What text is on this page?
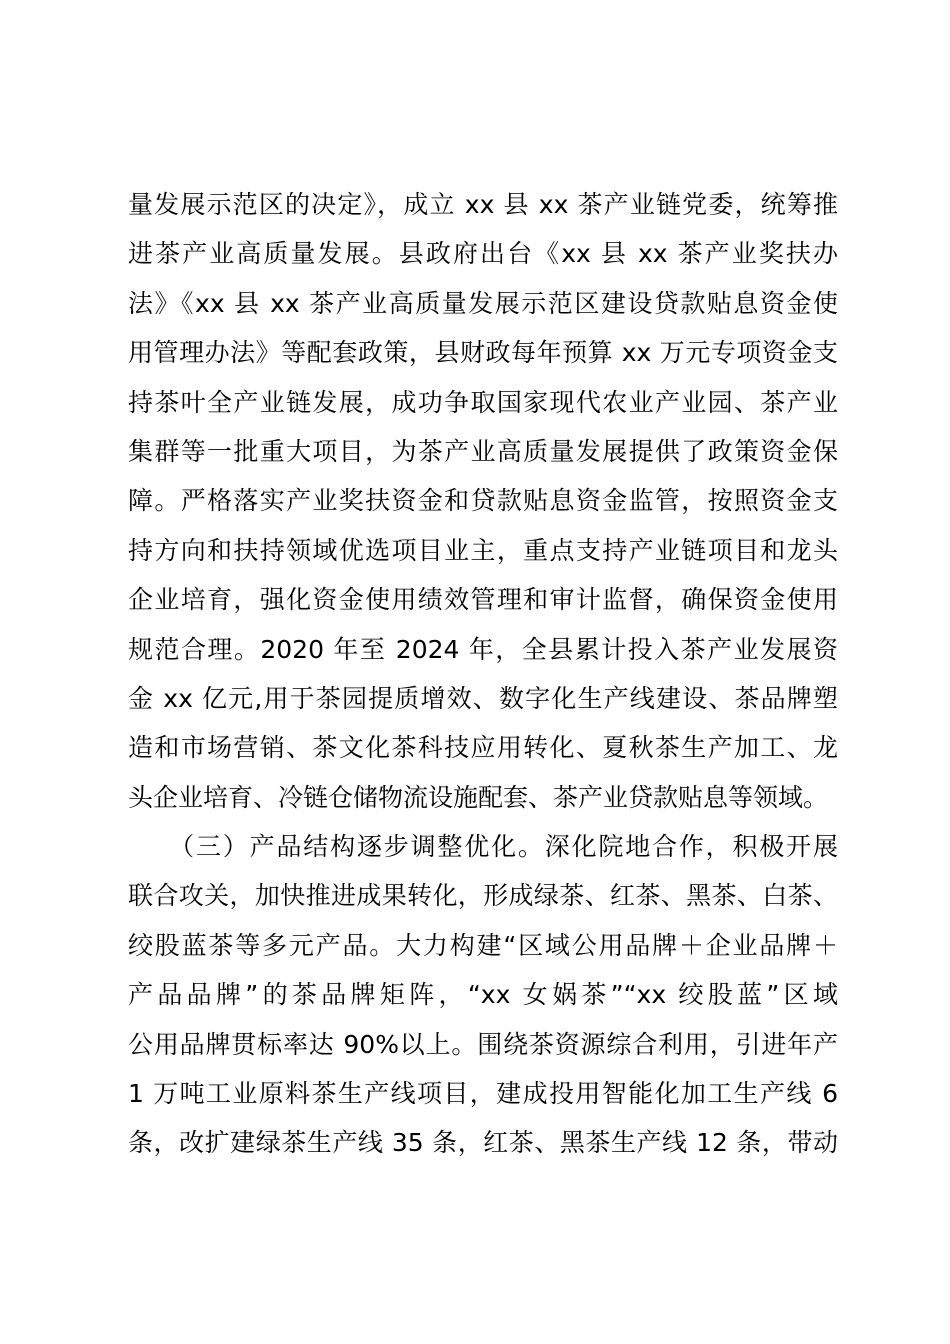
量发展示范区的决定》，成立 xx 县 xx 茶产业链党委，统筹推
进茶产业高质量发展。县政府出台《xx 县 xx 茶产业奖扶办
法》《xx 县 xx 茶产业高质量发展示范区建设贷款贴息资金使
用管理办法》等配套政策，县财政每年预算 xx 万元专项资金支
持茶叶全产业链发展，成功争取国家现代农业产业园、茶产业
集群等一批重大项目，为茶产业高质量发展提供了政策资金保
障。严格落实产业奖扶资金和贷款贴息资金监管，按照资金支
持方向和扶持领域优选项目业主，重点支持产业链项目和龙头
企业培育，强化资金使用绩效管理和审计监督，确保资金使用
规范合理。2020 年至 2024 年，全县累计投入茶产业发展资
金 xx 亿元,用于茶园提质增效、数字化生产线建设、茶品牌塑
造和市场营销、茶文化茶科技应用转化、夏秋茶生产加工、龙
头企业培育、冷链仓储物流设施配套、茶产业贷款贴息等领域。
　　（三）产品结构逐步调整优化。深化院地合作，积极开展
联合攻关，加快推进成果转化，形成绿茶、红茶、黑茶、白茶、
绞股蓝茶等多元产品。大力构建“区域公用品牌＋企业品牌＋
产品品牌”的茶品牌矩阵，“xx 女娲茶”“xx 绞股蓝”区域
公用品牌贯标率达 90%以上。围绕茶资源综合利用，引进年产
1 万吨工业原料茶生产线项目，建成投用智能化加工生产线 6
条，改扩建绿茶生产线 35 条，红茶、黑茶生产线 12 条，带动
